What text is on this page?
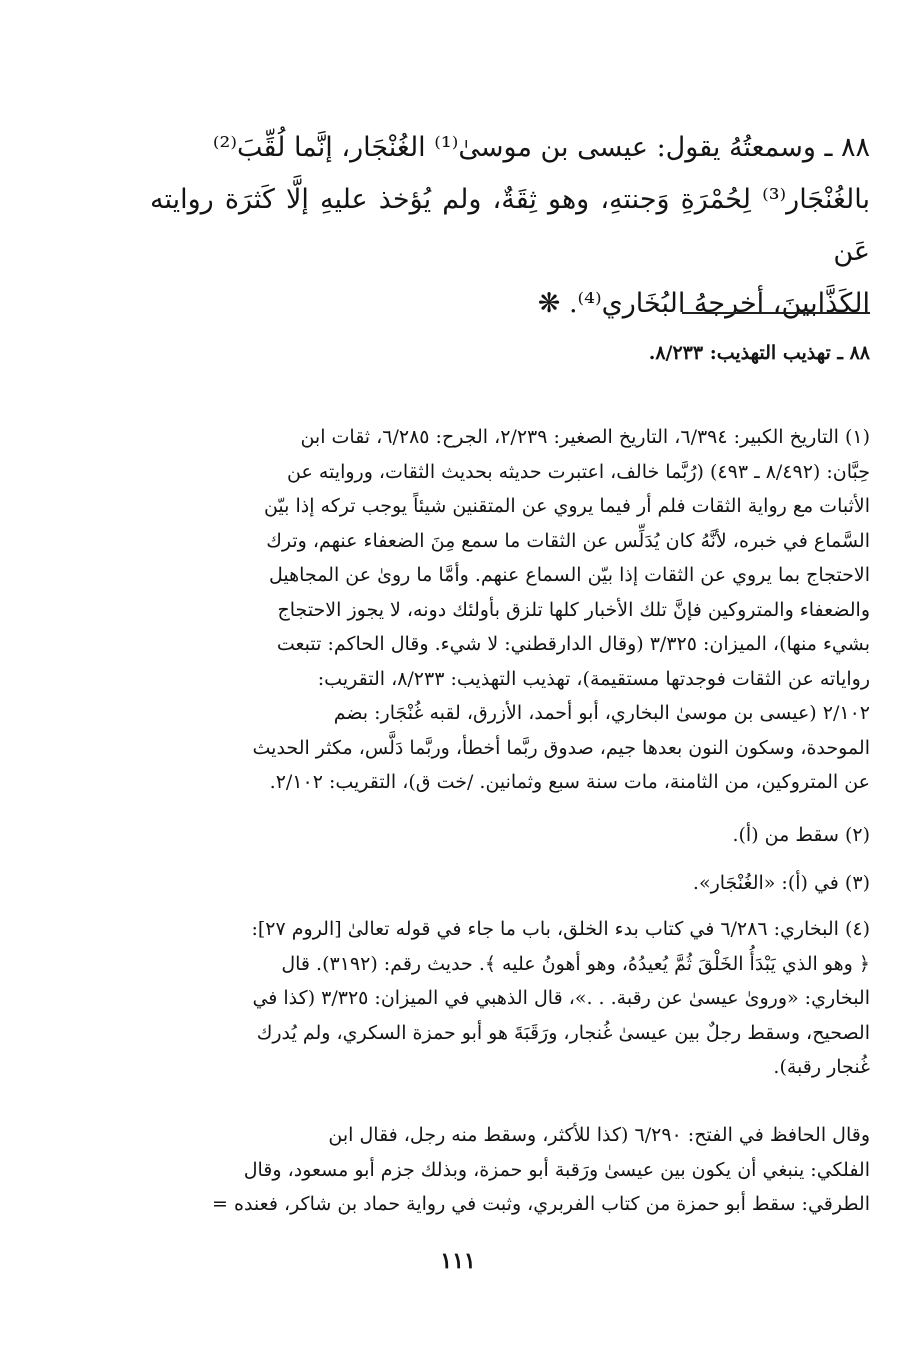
٨٨ ـ وسمعتُهُ يقول: عيسى بن موسىٰ⁽¹⁾ الغُنْجَار، إنَّما لُقِّبَ⁽²⁾
بالغُنْجَار⁽³⁾ لِحُمْرَةِ وَجنتهِ، وهو ثِقَةٌ، ولم يُؤخذ عليهِ إلَّا كَثرَة روايته عَن
الكَذَّابينَ، أخرجهُ البُخَاري⁽⁴⁾. ❋
٨٨ ـ تهذيب التهذيب: ٨/٢٣٣.
(١) التاريخ الكبير: ٦/٣٩٤، التاريخ الصغير: ٢/٢٣٩، الجرح: ٦/٢٨٥، ثقات ابن
حِبَّان: (٨/٤٩٢ ـ ٤٩٣) (رُبَّما خالف، اعتبرت حديثه بحديث الثقات، وروايته عن
الأثبات مع رواية الثقات فلم أر فيما يروي عن المتقنين شيئاً يوجب تركه إذا بيّن
السَّماع في خبره، لأنَّهُ كان يُدَلِّس عن الثقات ما سمع مِنَ الضعفاء عنهم، وترك
الاحتجاج بما يروي عن الثقات إذا بيّن السماع عنهم. وأمَّا ما روىٰ عن المجاهيل
والضعفاء والمتروكين فإنَّ تلك الأخبار كلها تلزق بأولئك دونه، لا يجوز الاحتجاج
بشيء منها)، الميزان: ٣/٣٢٥ (وقال الدارقطني: لا شيء. وقال الحاكم: تتبعت
رواياته عن الثقات فوجدتها مستقيمة)، تهذيب التهذيب: ٨/٢٣٣، التقريب:
٢/١٠٢ (عيسى بن موسىٰ البخاري، أبو أحمد، الأزرق، لقبه غُنْجَار: بضم
الموحدة، وسكون النون بعدها جيم، صدوق ربَّما أخطأ، وربَّما دَلَّس، مكثر الحديث
عن المتروكين، من الثامنة، مات سنة سبع وثمانين. /خت ق)، التقريب: ٢/١٠٢.
(٢) سقط من (أ).
(٣) في (أ): «الغُنْجَار».
(٤) البخاري: ٦/٢٨٦ في كتاب بدء الخلق، باب ما جاء في قوله تعالىٰ [الروم ٢٧]:
﴿ وهو الذي يَبْدَأُ الخَلْقَ ثُمَّ يُعيدُهُ، وهو أهونُ عليه ﴾. حديث رقم: (٣١٩٢). قال
البخاري: «وروىٰ عيسىٰ عن رقبة. . .»، قال الذهبي في الميزان: ٣/٣٢٥ (كذا في
الصحيح، وسقط رجلٌ بين عيسىٰ غُنجار، ورَقَبَةَ هو أبو حمزة السكري، ولم يُدرك
غُنجار رقبة).
وقال الحافظ في الفتح: ٦/٢٩٠ (كذا للأكثر، وسقط منه رجل، فقال ابن
الفلكي: ينبغي أن يكون بين عيسىٰ ورَقبة أبو حمزة، وبذلك جزم أبو مسعود، وقال
الطرقي: سقط أبو حمزة من كتاب الفربري، وثبت في رواية حماد بن شاكر، فعنده =
١١١
